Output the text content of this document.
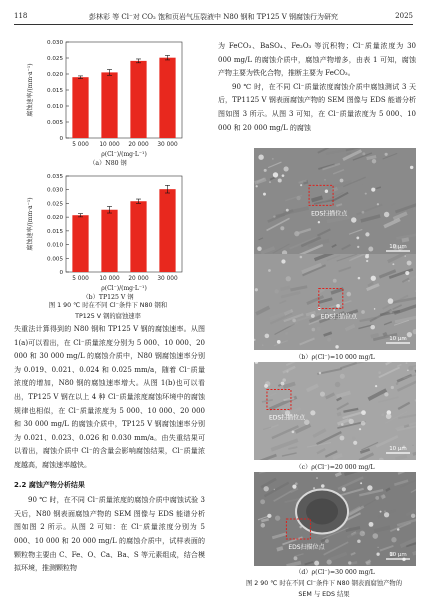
118	彭林彩 等 Cl⁻对 CO₂ 饱和页岩气压裂液中 N80 钢和 TP125 V 钢腐蚀行为研究	2025
0
0.005
0.010
0.015
0.020
0.025
0.030
5 000 10 000 20 000 30 000
ρ(Cl⁻)/(mg·L⁻¹)
腐蚀速率/(mm·a⁻¹)
（a）N80 钢
0
0.005
0.010
0.015
0.020
0.025
0.030
0.035
5 000 10 000 20 000 30 000
ρ(Cl⁻)/(mg·L⁻¹)
腐蚀速率/(mm·a⁻¹)
（b）TP125 V 钢
图 1 90 ℃ 时在不同 Cl⁻条件下 N80 钢和
TP125 V 钢的腐蚀速率

失重法计算得到的 N80 钢和 TP125 V 钢的腐蚀速率。从图 1(a)可以看出，在 Cl⁻质量浓度分别为 5 000、10 000、20 000 和 30 000 mg/L 的腐蚀介质中，N80 钢腐蚀速率分别为 0.019、0.021、0.024 和 0.025 mm/a，随着 Cl⁻质量浓度的增加，N80 钢的腐蚀速率增大。从图 1(b)也可以看出，TP125 V 钢在以上 4 种 Cl⁻质量浓度腐蚀环境中的腐蚀规律也相似，在 Cl⁻质量浓度为 5 000、10 000、20 000 和 30 000 mg/L 的腐蚀介质中，TP125 V 钢腐蚀速率分别为 0.021、0.023、0.026 和 0.030 mm/a。由失重结果可以看出，腐蚀介质中 Cl⁻的含量会影响腐蚀结果，Cl⁻质量浓度越高，腐蚀速率越快。

2.2 腐蚀产物分析结果

90 ℃ 时，在不同 Cl⁻质量浓度的腐蚀介质中腐蚀试验 3 天后，N80 钢表面腐蚀产物的 SEM 图像与 EDS 能谱分析图如图 2 所示。从图 2 可知：在 Cl⁻质量浓度分别为 5 000、10 000 和 20 000 mg/L 的腐蚀介质中，试样表面的颗粒物主要由 C、Fe、O、Ca、Ba、S 等元素组成，结合模拟环境，推测颗粒物

为 FeCO₃、BaSO₄、Fe₂O₃ 等沉积物；Cl⁻质量浓度为 30 000 mg/L 的腐蚀介质中，腐蚀产物增多，由表 1 可知，腐蚀产物主要为铁化合物，推断主要为 FeCO₃。

90 ℃ 时，在不同 Cl⁻质量浓度腐蚀介质中腐蚀测试 3 天后，TP1125 V 钢表面腐蚀产物的 SEM 图像与 EDS 能谱分析图如图 3 所示。从图 3 可知，在 Cl⁻质量浓度为 5 000、10 000 和 20 000 mg/L 的腐蚀

EDS扫描位点
10 μm
EDS扫描位点
10 μm
（b）ρ(Cl⁻)=10 000 mg/L
EDS扫描位点
10 μm
（c）ρ(Cl⁻)=20 000 mg/L
EDS扫描位点
10 μm
（d）ρ(Cl⁻)=30 000 mg/L
图 2 90 ℃ 时在不同 Cl⁻条件下 N80 钢表面腐蚀产物的
SEM 与 EDS 结果
